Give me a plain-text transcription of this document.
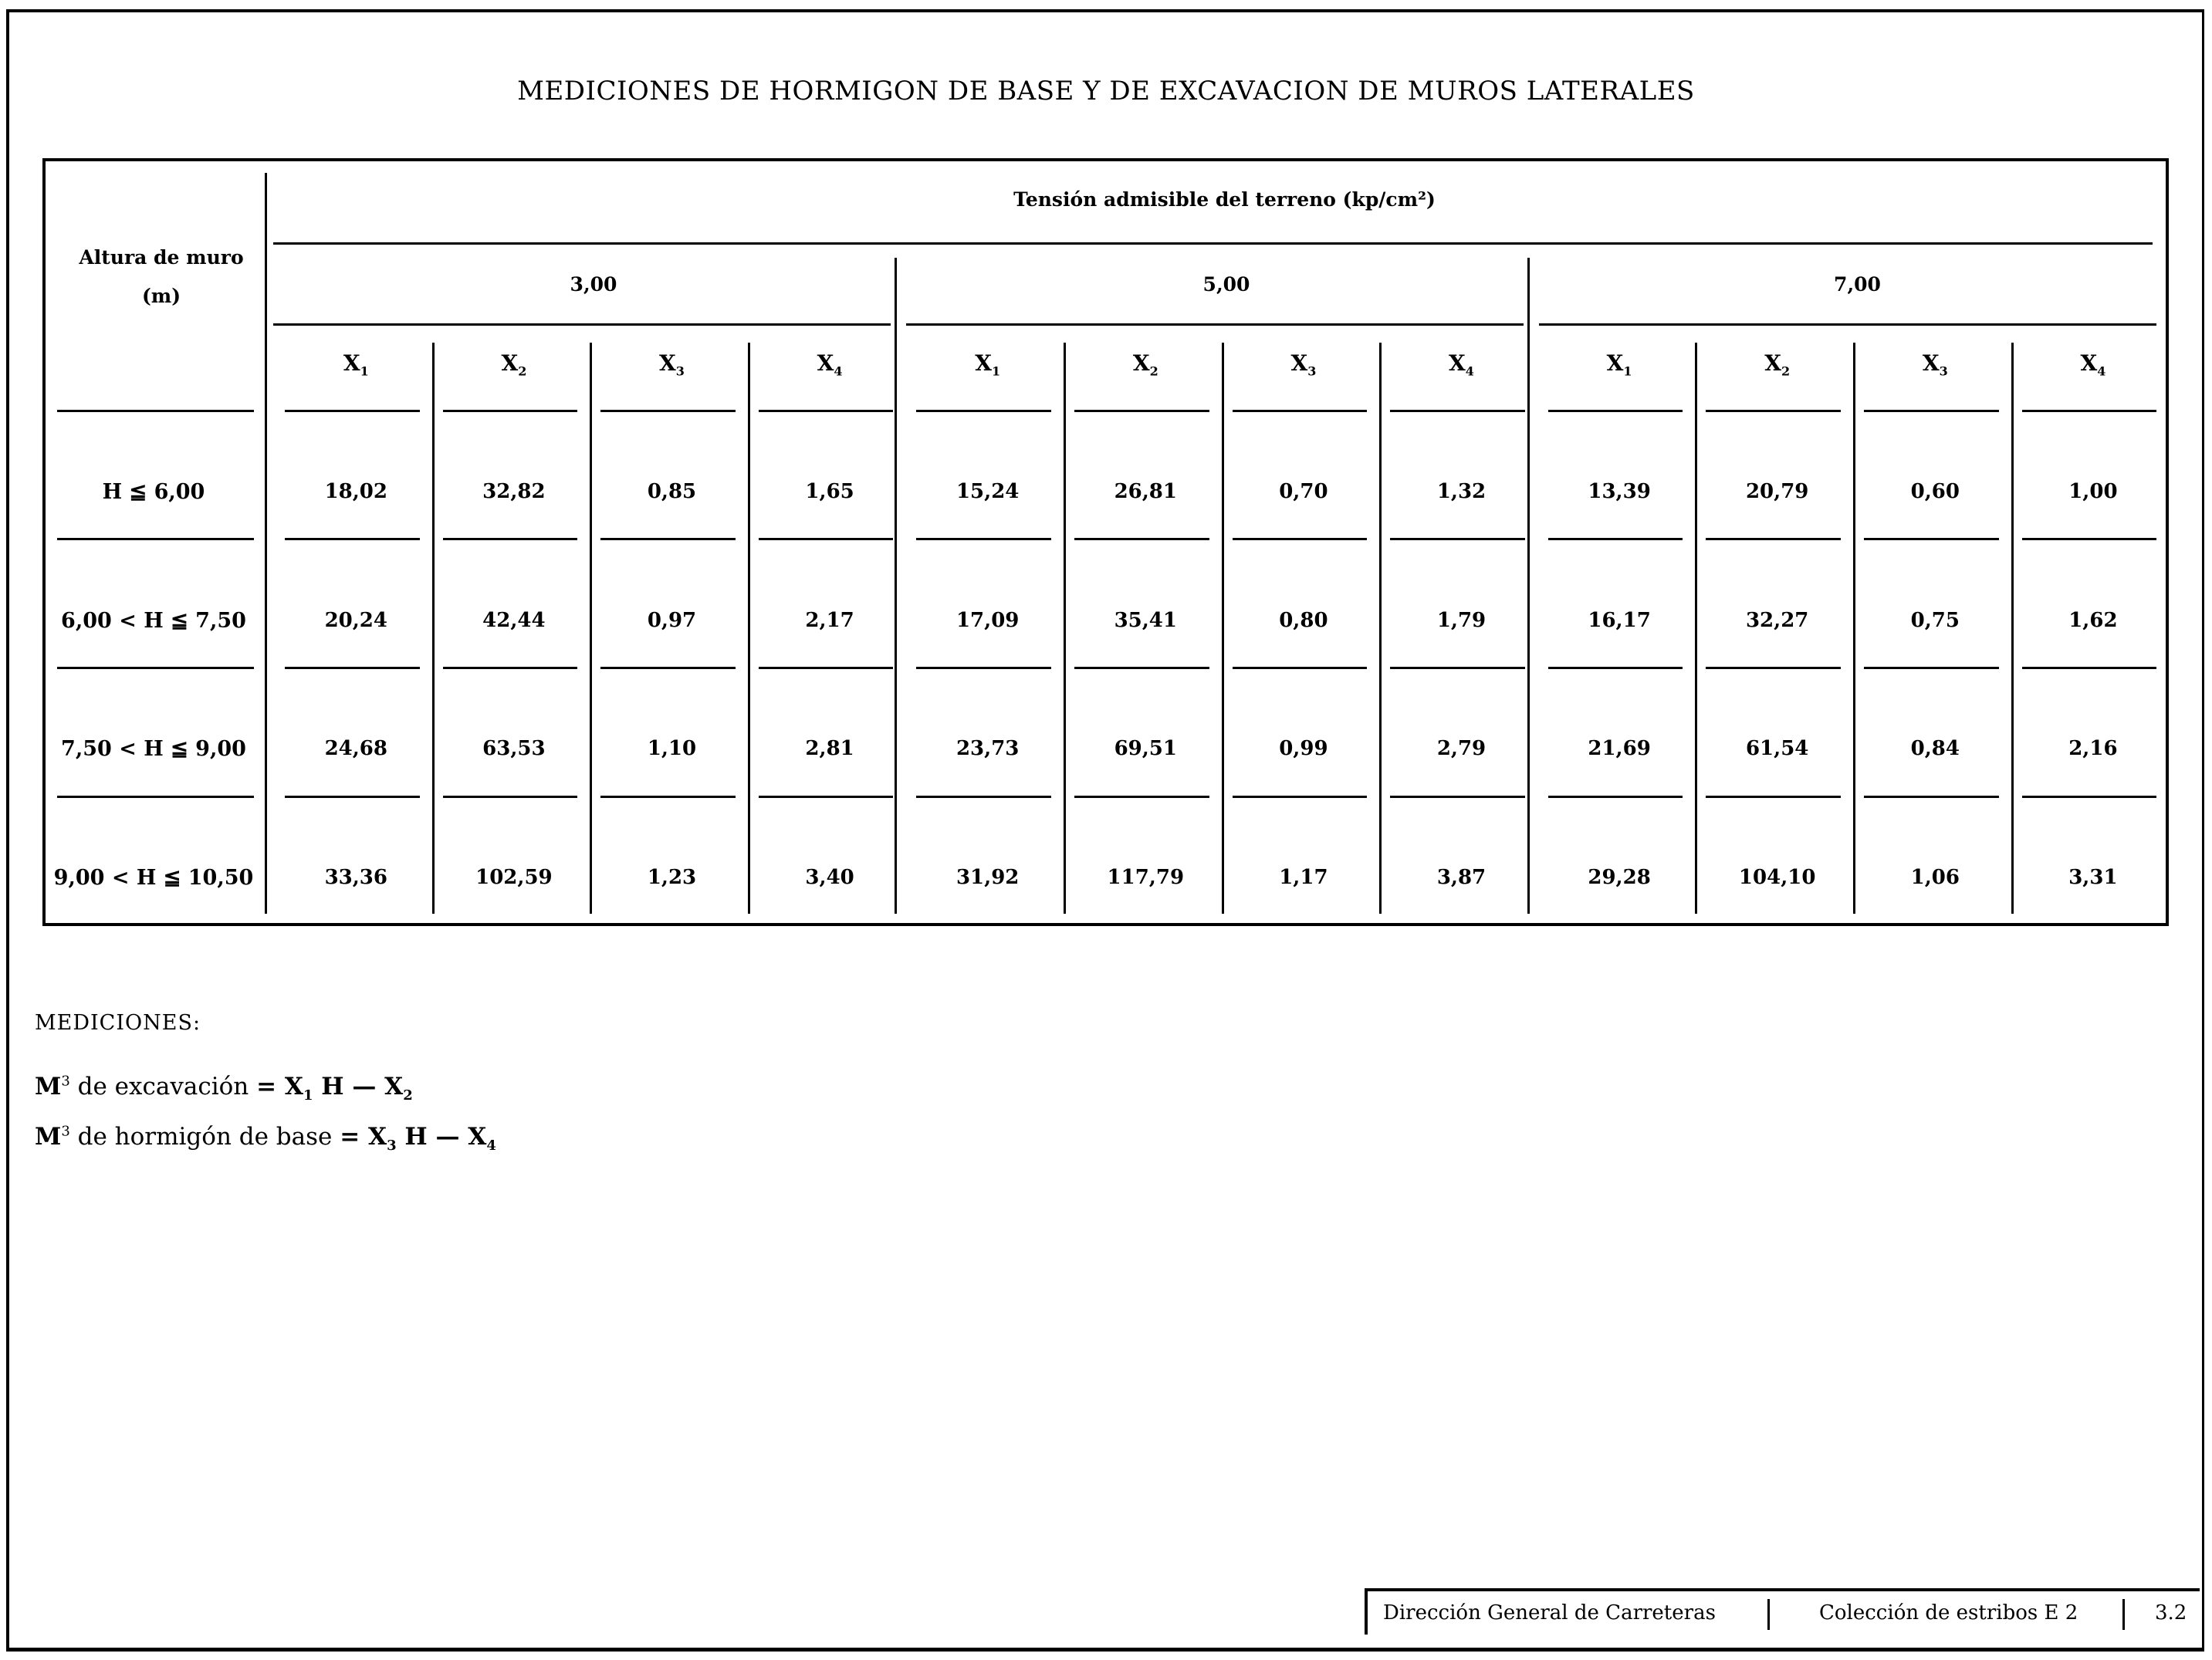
MEDICIONES DE HORMIGON DE BASE Y DE EXCAVACION DE MUROS LATERALES
Altura de muro
(m)
Tensión admisible del terreno (kp/cm²)
3,00	5,00	7,00
$X_1$	$X_2$	$X_3$	$X_4$	$X_1$	$X_2$	$X_3$	$X_4$	$X_1$	$X_2$	$X_3$	$X_4$
H ≦ 6,00	18,02	32,82	0,85	1,65	15,24	26,81	0,70	1,32	13,39	20,79	0,60	1,00
6,00 < H ≦ 7,50	20,24	42,44	0,97	2,17	17,09	35,41	0,80	1,79	16,17	32,27	0,75	1,62
7,50 < H ≦ 9,00	24,68	63,53	1,10	2,81	23,73	69,51	0,99	2,79	21,69	61,54	0,84	2,16
9,00 < H ≦ 10,50	33,36	102,59	1,23	3,40	31,92	117,79	1,17	3,87	29,28	104,10	1,06	3,31
MEDICIONES:
$M^3$ de excavación = $X_1$ H — $X_2$
$M^3$ de hormigón de base = $X_3$ H — $X_4$
Dirección General de Carreteras	Colección de estribos E 2	3.2
